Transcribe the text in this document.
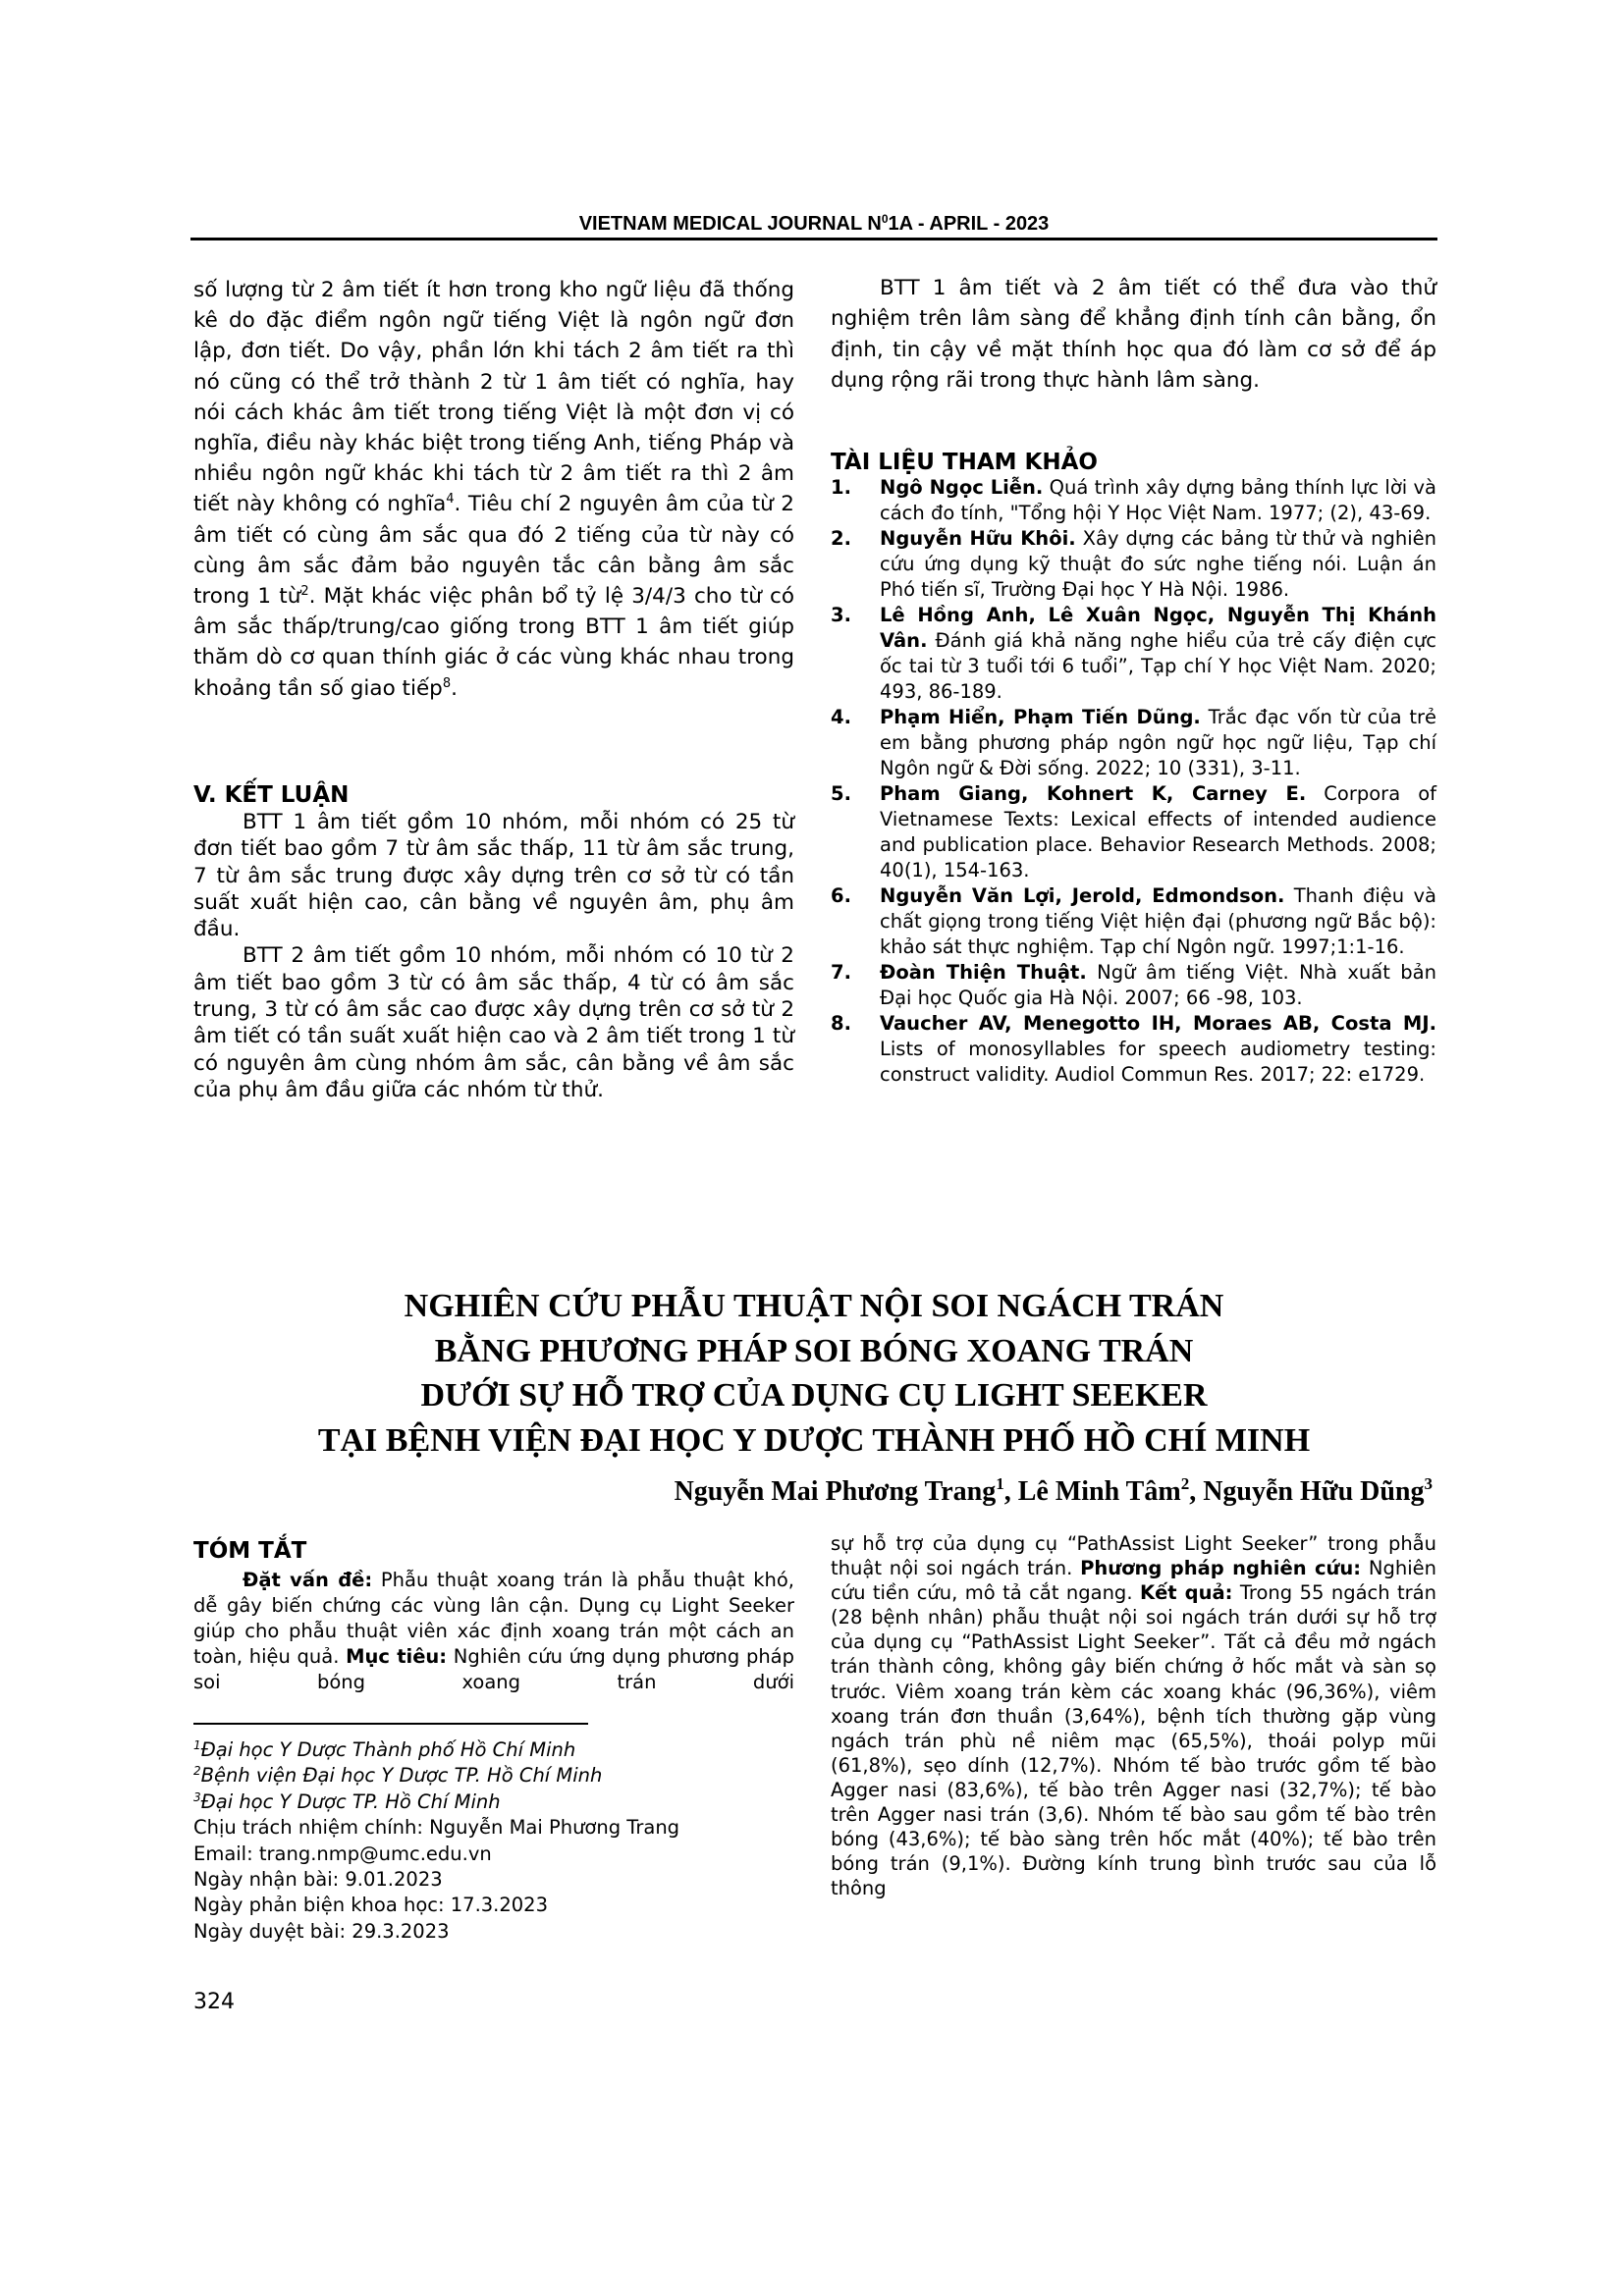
VIETNAM MEDICAL JOURNAL $N^01A$ - APRIL - 2023

số lượng từ 2 âm tiết ít hơn trong kho ngữ liệu đã thống kê do đặc điểm ngôn ngữ tiếng Việt là ngôn ngữ đơn lập, đơn tiết. Do vậy, phần lớn khi tách 2 âm tiết ra thì nó cũng có thể trở thành 2 từ 1 âm tiết có nghĩa, hay nói cách khác âm tiết trong tiếng Việt là một đơn vị có nghĩa, điều này khác biệt trong tiếng Anh, tiếng Pháp và nhiều ngôn ngữ khác khi tách từ 2 âm tiết ra thì 2 âm tiết này không có nghĩa$^4$. Tiêu chí 2 nguyên âm của từ 2 âm tiết có cùng âm sắc qua đó 2 tiếng của từ này có cùng âm sắc đảm bảo nguyên tắc cân bằng âm sắc trong 1 từ$^2$. Mặt khác việc phân bổ tỷ lệ 3/4/3 cho từ có âm sắc thấp/trung/cao giống trong BTT 1 âm tiết giúp thăm dò cơ quan thính giác ở các vùng khác nhau trong khoảng tần số giao tiếp$^8$.

V. KẾT LUẬN

BTT 1 âm tiết gồm 10 nhóm, mỗi nhóm có 25 từ đơn tiết bao gồm 7 từ âm sắc thấp, 11 từ âm sắc trung, 7 từ âm sắc trung được xây dựng trên cơ sở từ có tần suất xuất hiện cao, cân bằng về nguyên âm, phụ âm đầu.

BTT 2 âm tiết gồm 10 nhóm, mỗi nhóm có 10 từ 2 âm tiết bao gồm 3 từ có âm sắc thấp, 4 từ có âm sắc trung, 3 từ có âm sắc cao được xây dựng trên cơ sở từ 2 âm tiết có tần suất xuất hiện cao và 2 âm tiết trong 1 từ có nguyên âm cùng nhóm âm sắc, cân bằng về âm sắc của phụ âm đầu giữa các nhóm từ thử.

BTT 1 âm tiết và 2 âm tiết có thể đưa vào thử nghiệm trên lâm sàng để khẳng định tính cân bằng, ổn định, tin cậy về mặt thính học qua đó làm cơ sở để áp dụng rộng rãi trong thực hành lâm sàng.

TÀI LIỆU THAM KHẢO
1.	Ngô Ngọc Liễn. Quá trình xây dựng bảng thính lực lời và cách đo tính, "Tổng hội Y Học Việt Nam. 1977; (2), 43-69.
2.	Nguyễn Hữu Khôi. Xây dựng các bảng từ thử và nghiên cứu ứng dụng kỹ thuật đo sức nghe tiếng nói. Luận án Phó tiến sĩ, Trường Đại học Y Hà Nội. 1986.
3.	Lê Hồng Anh, Lê Xuân Ngọc, Nguyễn Thị Khánh Vân. Đánh giá khả năng nghe hiểu của trẻ cấy điện cực ốc tai từ 3 tuổi tới 6 tuổi”, Tạp chí Y học Việt Nam. 2020; 493, 86-189.
4.	Phạm Hiển, Phạm Tiến Dũng. Trắc đạc vốn từ của trẻ em bằng phương pháp ngôn ngữ học ngữ liệu, Tạp chí Ngôn ngữ & Đời sống. 2022; 10 (331), 3-11.
5.	Pham Giang, Kohnert K, Carney E. Corpora of Vietnamese Texts: Lexical effects of intended audience and publication place. Behavior Research Methods. 2008; 40(1), 154-163.
6.	Nguyễn Văn Lợi, Jerold, Edmondson. Thanh điệu và chất giọng trong tiếng Việt hiện đại (phương ngữ Bắc bộ): khảo sát thực nghiệm. Tạp chí Ngôn ngữ. 1997;1:1-16.
7.	Đoàn Thiện Thuật. Ngữ âm tiếng Việt. Nhà xuất bản Đại học Quốc gia Hà Nội. 2007; 66 -98, 103.
8.	Vaucher AV, Menegotto IH, Moraes AB, Costa MJ. Lists of monosyllables for speech audiometry testing: construct validity. Audiol Commun Res. 2017; 22: e1729.
NGHIÊN CỨU PHẪU THUẬT NỘI SOI NGÁCH TRÁN
BẰNG PHƯƠNG PHÁP SOI BÓNG XOANG TRÁN
DƯỚI SỰ HỖ TRỢ CỦA DỤNG CỤ LIGHT SEEKER
TẠI BỆNH VIỆN ĐẠI HỌC Y DƯỢC THÀNH PHỐ HỒ CHÍ MINH
Nguyễn Mai Phương Trang$^1$, Lê Minh Tâm$^2$, Nguyễn Hữu Dũng$^3$
TÓM TẮT
Đặt vấn đề: Phẫu thuật xoang trán là phẫu thuật khó, dễ gây biến chứng các vùng lân cận. Dụng cụ Light Seeker giúp cho phẫu thuật viên xác định xoang trán một cách an toàn, hiệu quả. Mục tiêu: Nghiên cứu ứng dụng phương pháp soi bóng xoang trán dưới
sự hỗ trợ của dụng cụ “PathAssist Light Seeker” trong phẫu thuật nội soi ngách trán. Phương pháp nghiên cứu: Nghiên cứu tiền cứu, mô tả cắt ngang. Kết quả: Trong 55 ngách trán (28 bệnh nhân) phẫu thuật nội soi ngách trán dưới sự hỗ trợ của dụng cụ “PathAssist Light Seeker”. Tất cả đều mở ngách trán thành công, không gây biến chứng ở hốc mắt và sàn sọ trước. Viêm xoang trán kèm các xoang khác (96,36%), viêm xoang trán đơn thuần (3,64%), bệnh tích thường gặp vùng ngách trán phù nề niêm mạc (65,5%), thoái polyp mũi (61,8%), sẹo dính (12,7%). Nhóm tế bào trước gồm tế bào Agger nasi (83,6%), tế bào trên Agger nasi (32,7%); tế bào trên Agger nasi trán (3,6). Nhóm tế bào sau gồm tế bào trên bóng (43,6%); tế bào sàng trên hốc mắt (40%); tế bào trên bóng trán (9,1%). Đường kính trung bình trước sau của lỗ thông
$^1$Đại học Y Dược Thành phố Hồ Chí Minh
$^2$Bệnh viện Đại học Y Dược TP. Hồ Chí Minh
$^3$Đại học Y Dược TP. Hồ Chí Minh
Chịu trách nhiệm chính: Nguyễn Mai Phương Trang
Email: trang.nmp@umc.edu.vn
Ngày nhận bài: 9.01.2023
Ngày phản biện khoa học: 17.3.2023
Ngày duyệt bài: 29.3.2023
324
